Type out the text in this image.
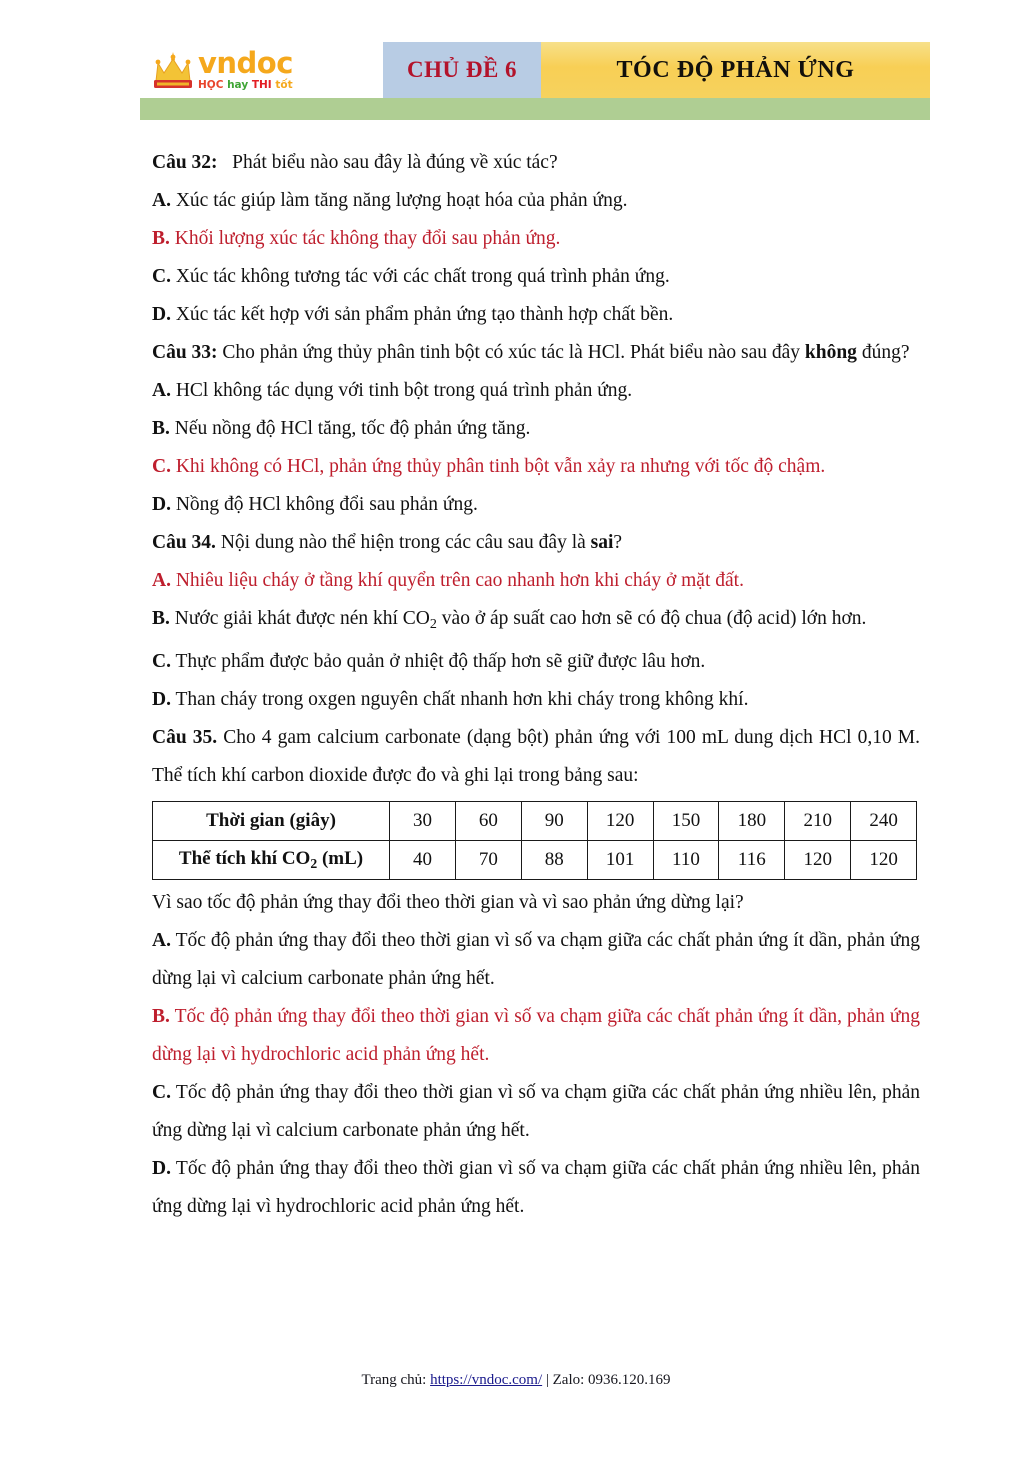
vndoc
HỌC hay THI tốt
CHỦ ĐỀ 6	TÓC ĐỘ PHẢN ỨNG

Câu 32: Phát biểu nào sau đây là đúng về xúc tác?

A. Xúc tác giúp làm tăng năng lượng hoạt hóa của phản ứng.

B. Khối lượng xúc tác không thay đổi sau phản ứng.

C. Xúc tác không tương tác với các chất trong quá trình phản ứng.

D. Xúc tác kết hợp với sản phẩm phản ứng tạo thành hợp chất bền.

Câu 33: Cho phản ứng thủy phân tinh bột có xúc tác là HCl. Phát biểu nào sau đây không đúng?

A. HCl không tác dụng với tinh bột trong quá trình phản ứng.

B. Nếu nồng độ HCl tăng, tốc độ phản ứng tăng.

C. Khi không có HCl, phản ứng thủy phân tinh bột vẫn xảy ra nhưng với tốc độ chậm.

D. Nồng độ HCl không đổi sau phản ứng.

Câu 34. Nội dung nào thể hiện trong các câu sau đây là sai?

A. Nhiêu liệu cháy ở tầng khí quyển trên cao nhanh hơn khi cháy ở mặt đất.

B. Nước giải khát được nén khí $CO_2$ vào ở áp suất cao hơn sẽ có độ chua (độ acid) lớn hơn.

C. Thực phẩm được bảo quản ở nhiệt độ thấp hơn sẽ giữ được lâu hơn.

D. Than cháy trong oxgen nguyên chất nhanh hơn khi cháy trong không khí.

Câu 35. Cho 4 gam calcium carbonate (dạng bột) phản ứng với 100 mL dung dịch HCl 0,10 M. Thể tích khí carbon dioxide được đo và ghi lại trong bảng sau:

Thời gian (giây)	30	60	90	120	150	180	210	240
Thể tích khí $CO_2$ (mL)	40	70	88	101	110	116	120	120

Vì sao tốc độ phản ứng thay đổi theo thời gian và vì sao phản ứng dừng lại?

A. Tốc độ phản ứng thay đổi theo thời gian vì số va chạm giữa các chất phản ứng ít dần, phản ứng dừng lại vì calcium carbonate phản ứng hết.

B. Tốc độ phản ứng thay đổi theo thời gian vì số va chạm giữa các chất phản ứng ít dần, phản ứng dừng lại vì hydrochloric acid phản ứng hết.

C. Tốc độ phản ứng thay đổi theo thời gian vì số va chạm giữa các chất phản ứng nhiều lên, phản ứng dừng lại vì calcium carbonate phản ứng hết.

D. Tốc độ phản ứng thay đổi theo thời gian vì số va chạm giữa các chất phản ứng nhiều lên, phản ứng dừng lại vì hydrochloric acid phản ứng hết.

Trang chủ: https://vndoc.com/ | Zalo: 0936.120.169
